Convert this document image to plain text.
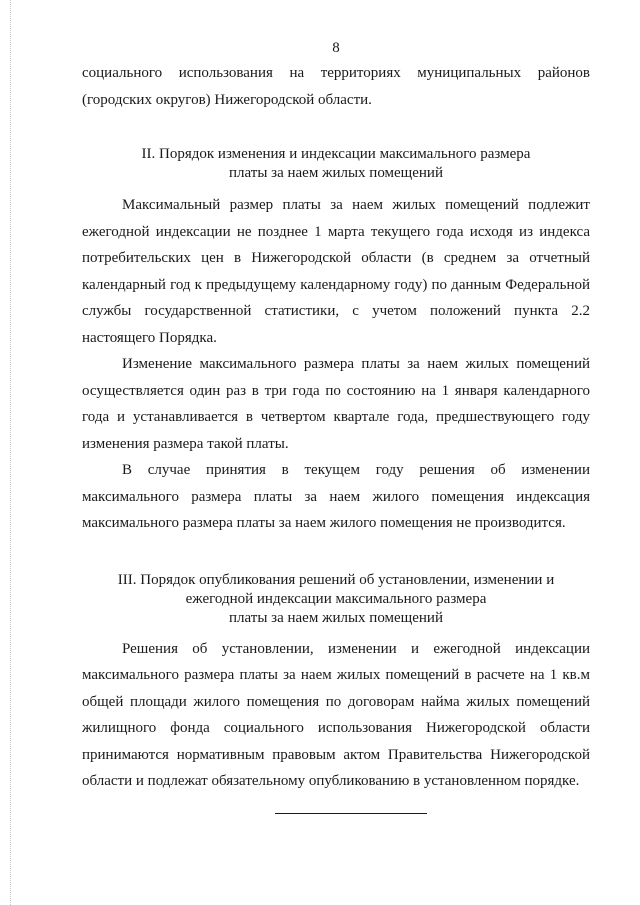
8

социального использования на территориях муниципальных районов (городских округов) Нижегородской области.

II. Порядок изменения и индексации максимального размера
платы за наем жилых помещений

Максимальный размер платы за наем жилых помещений подлежит ежегодной индексации не позднее 1 марта текущего года исходя из индекса потребительских цен в Нижегородской области (в среднем за отчетный календарный год к предыдущему календарному году) по данным Федеральной службы государственной статистики, с учетом положений пункта 2.2 настоящего Порядка.

Изменение максимального размера платы за наем жилых помещений осуществляется один раз в три года по состоянию на 1 января календарного года и устанавливается в четвертом квартале года, предшествующего году изменения размера такой платы.

В случае принятия в текущем году решения об изменении максимального размера платы за наем жилого помещения индексация максимального размера платы за наем жилого помещения не производится.

III. Порядок опубликования решений об установлении, изменении и
ежегодной индексации максимального размера
платы за наем жилых помещений

Решения об установлении, изменении и ежегодной индексации максимального размера платы за наем жилых помещений в расчете на 1 кв.м общей площади жилого помещения по договорам найма жилых помещений жилищного фонда социального использования Нижегородской области принимаются нормативным правовым актом Правительства Нижегородской области и подлежат обязательному опубликованию в установленном порядке.
